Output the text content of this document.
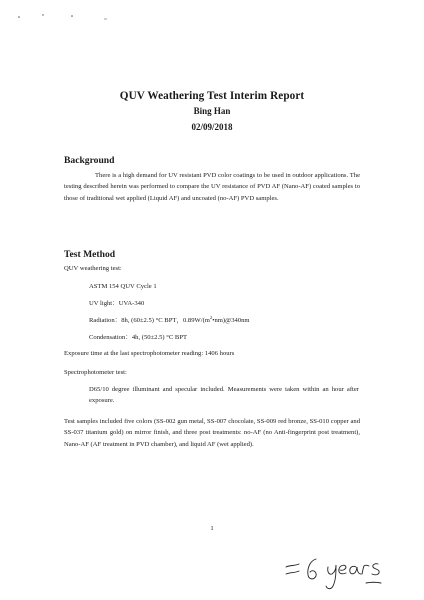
QUV Weathering Test Interim Report
Bing Han
02/09/2018
Background
There is a high demand for UV resistant PVD color coatings to be used in outdoor applications. The testing described herein was performed to compare the UV resistance of PVD AF (Nano-AF) coated samples to those of traditional wet applied (Liquid AF) and uncoated (no-AF) PVD samples.
Test Method
QUV weathering test:
ASTM 154 QUV Cycle 1
UV light：UVA-340
Radiation：8h, (60±2.5) °C BPT，$0.89W/(m^2•nm)@340nm$
Condensation：4h, (50±2.5) °C BPT
Exposure time at the last spectrophotometer reading: 1406 hours
Spectrophotometer test:
D65/10 degree illuminant and specular included. Measurements were taken within an hour after exposure.
Test samples included five colors (SS-002 gun metal, SS-007 chocolate, SS-009 red bronze, SS-010 copper and SS-037 titanium gold) on mirror finish, and three post treatments: no-AF (no Anti-fingerprint post treatment), Nano-AF (AF treatment in PVD chamber), and liquid AF (wet applied).
1
